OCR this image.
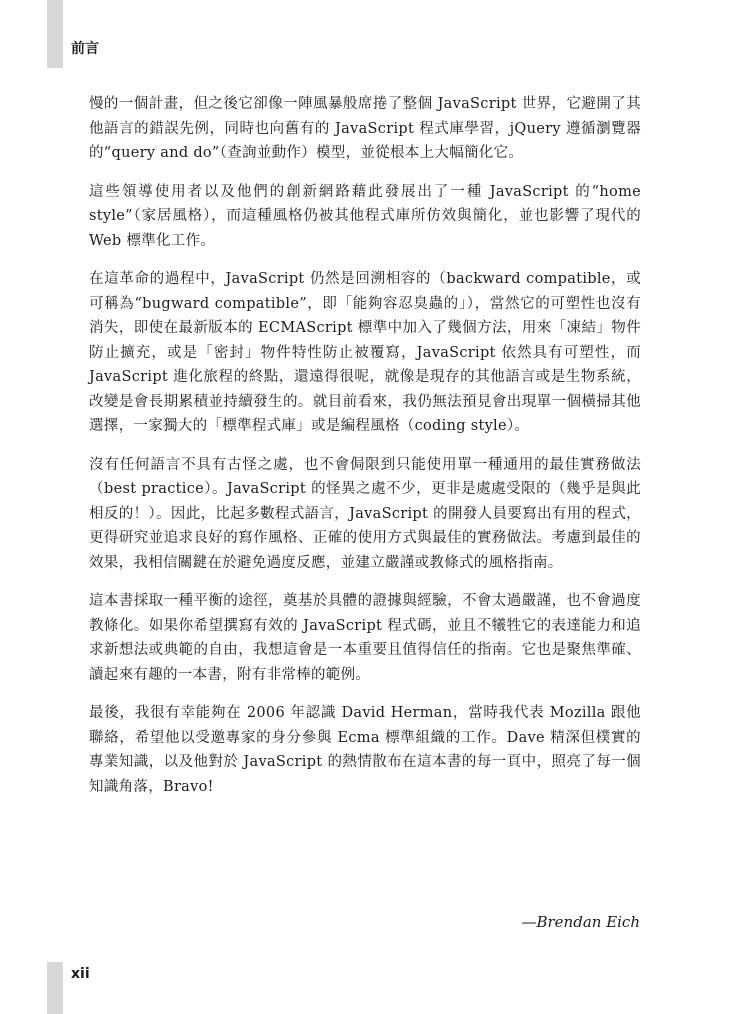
前言

慢的一個計畫，但之後它卻像一陣風暴般席捲了整個 JavaScript 世界，它避開了其他語言的錯誤先例，同時也向舊有的 JavaScript 程式庫學習，jQuery 遵循瀏覽器的“query and do”（查詢並動作）模型，並從根本上大幅簡化它。

這些領導使用者以及他們的創新網路藉此發展出了一種 JavaScript 的“home style”（家居風格），而這種風格仍被其他程式庫所仿效與簡化，並也影響了現代的 Web 標準化工作。

在這革命的過程中，JavaScript 仍然是回溯相容的（backward compatible，或可稱為“bugward compatible”，即「能夠容忍臭蟲的」），當然它的可塑性也沒有消失，即使在最新版本的 ECMAScript 標準中加入了幾個方法，用來「凍結」物件防止擴充，或是「密封」物件特性防止被覆寫，JavaScript 依然具有可塑性，而 JavaScript 進化旅程的終點，還遠得很呢，就像是現存的其他語言或是生物系統，改變是會長期累積並持續發生的。就目前看來，我仍無法預見會出現單一個橫掃其他選擇，一家獨大的「標準程式庫」或是編程風格（coding style）。

沒有任何語言不具有古怪之處，也不會侷限到只能使用單一種通用的最佳實務做法（best practice）。JavaScript 的怪異之處不少，更非是處處受限的（幾乎是與此相反的！）。因此，比起多數程式語言，JavaScript 的開發人員要寫出有用的程式，更得研究並追求良好的寫作風格、正確的使用方式與最佳的實務做法。考慮到最佳的效果，我相信關鍵在於避免過度反應，並建立嚴謹或教條式的風格指南。

這本書採取一種平衡的途徑，奠基於具體的證據與經驗，不會太過嚴謹，也不會過度教條化。如果你希望撰寫有效的 JavaScript 程式碼，並且不犧牲它的表達能力和追求新想法或典範的自由，我想這會是一本重要且值得信任的指南。它也是聚焦準確、讀起來有趣的一本書，附有非常棒的範例。

最後，我很有幸能夠在 2006 年認識 David Herman，當時我代表 Mozilla 跟他聯絡，希望他以受邀專家的身分參與 Ecma 標準組織的工作。Dave 精深但樸實的專業知識，以及他對於 JavaScript 的熱情散布在這本書的每一頁中，照亮了每一個知識角落，Bravo!

—Brendan Eich
xii
